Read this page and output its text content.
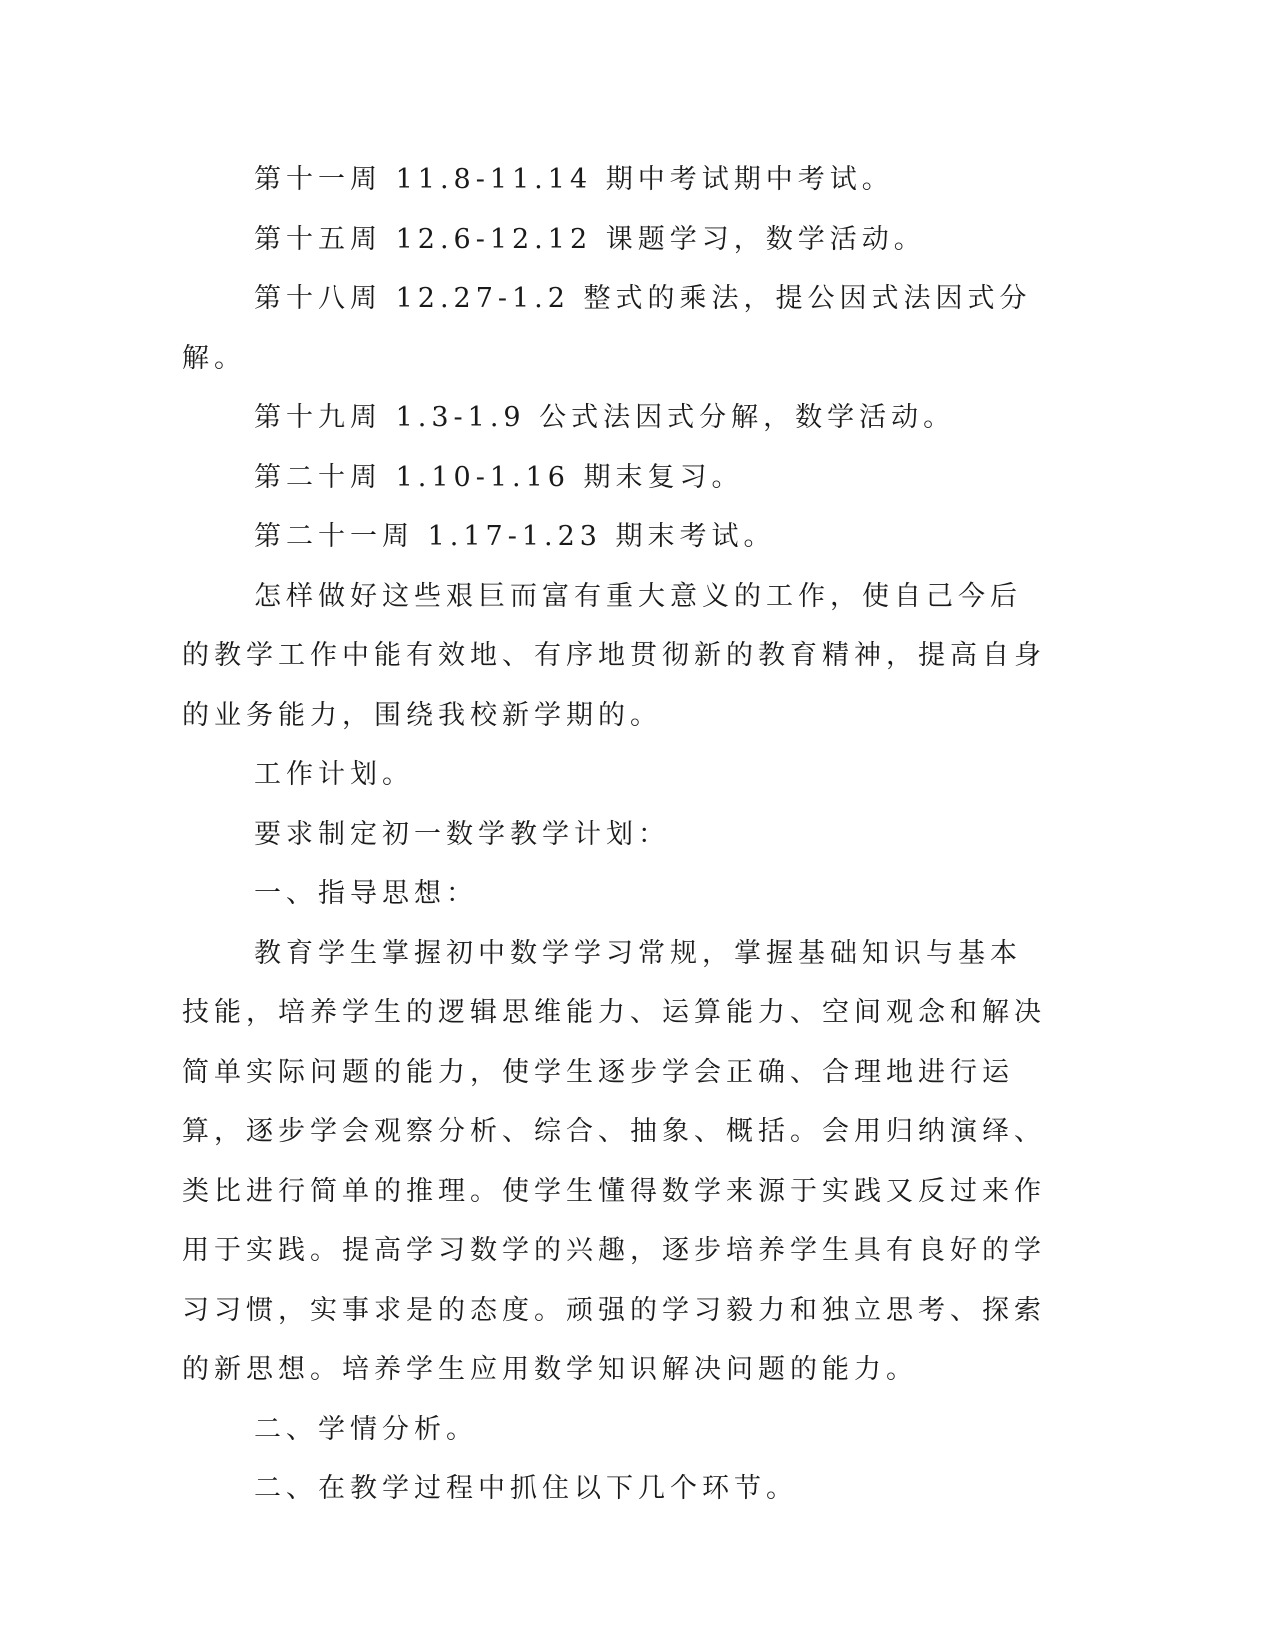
第十一周 11.8-11.14 期中考试期中考试。

第十五周 12.6-12.12 课题学习，数学活动。

第十八周 12.27-1.2 整式的乘法，提公因式法因式分解。

第十九周 1.3-1.9 公式法因式分解，数学活动。

第二十周 1.10-1.16 期末复习。

第二十一周 1.17-1.23 期末考试。

怎样做好这些艰巨而富有重大意义的工作，使自己今后的教学工作中能有效地、有序地贯彻新的教育精神，提高自身的业务能力，围绕我校新学期的。

工作计划。

要求制定初一数学教学计划：

一、指导思想：

教育学生掌握初中数学学习常规，掌握基础知识与基本技能，培养学生的逻辑思维能力、运算能力、空间观念和解决简单实际问题的能力，使学生逐步学会正确、合理地进行运算，逐步学会观察分析、综合、抽象、概括。会用归纳演绎、类比进行简单的推理。使学生懂得数学来源于实践又反过来作用于实践。提高学习数学的兴趣，逐步培养学生具有良好的学习习惯，实事求是的态度。顽强的学习毅力和独立思考、探索的新思想。培养学生应用数学知识解决问题的能力。

二、学情分析。

二、在教学过程中抓住以下几个环节。
